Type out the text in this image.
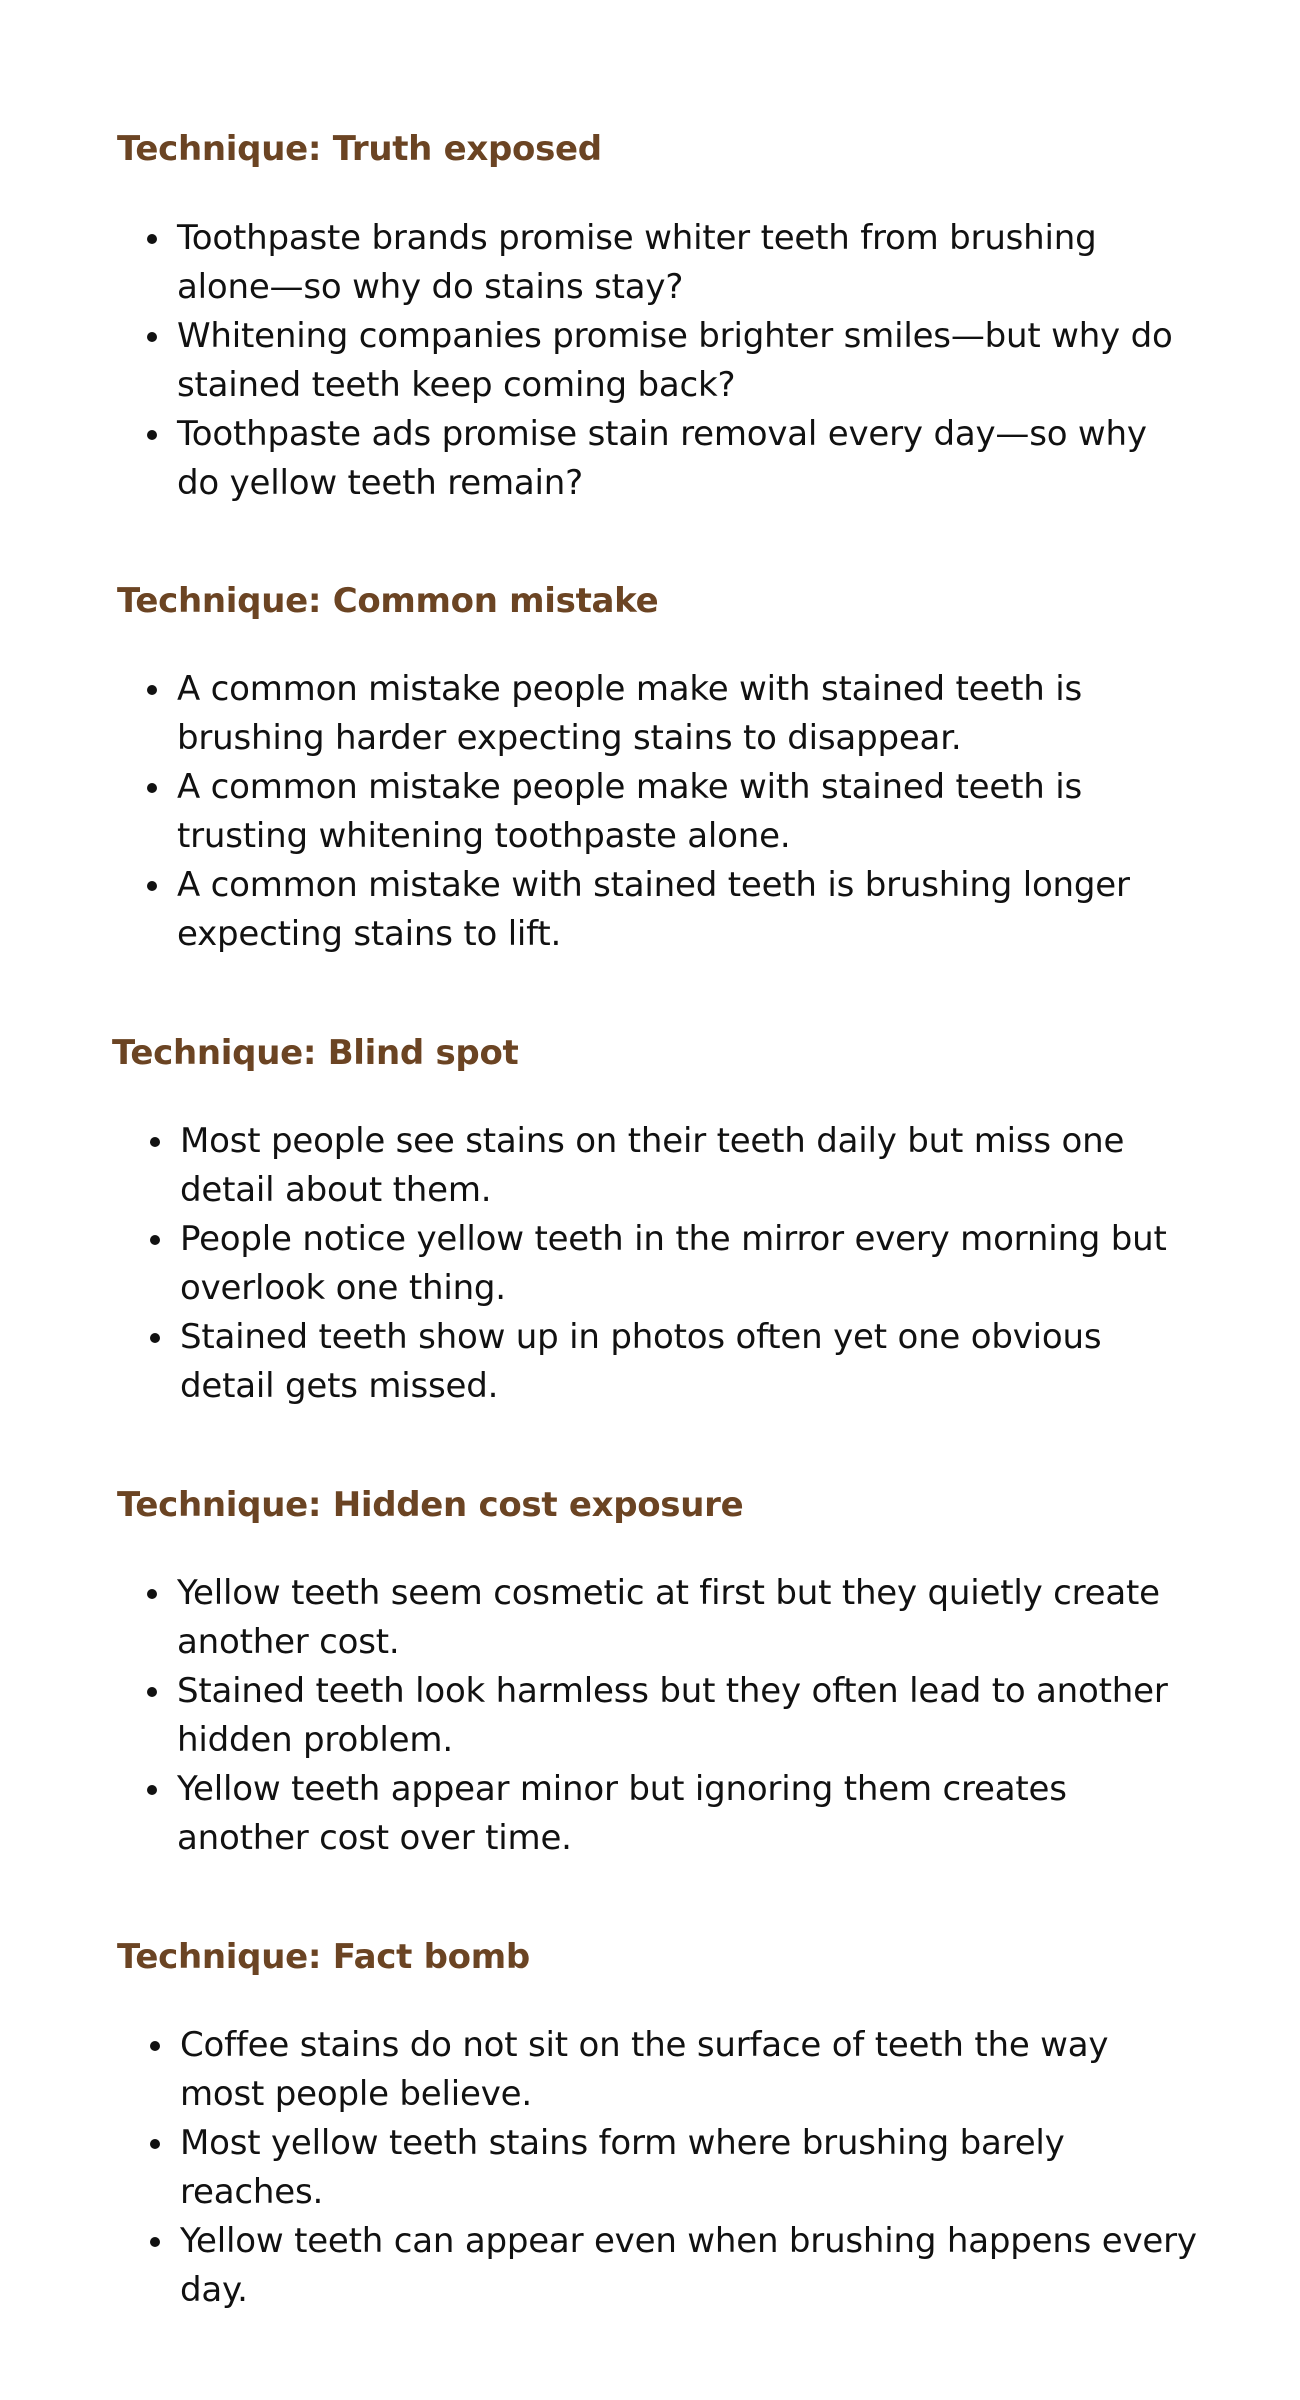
Technique: Truth exposed
Toothpaste brands promise whiter teeth from brushing alone—so why do stains stay?
Whitening companies promise brighter smiles—but why do stained teeth keep coming back?
Toothpaste ads promise stain removal every day—so why do yellow teeth remain?
Technique: Common mistake
A common mistake people make with stained teeth is brushing harder expecting stains to disappear.
A common mistake people make with stained teeth is trusting whitening toothpaste alone.
A common mistake with stained teeth is brushing longer expecting stains to lift.
Technique: Blind spot
Most people see stains on their teeth daily but miss one detail about them.
People notice yellow teeth in the mirror every morning but overlook one thing.
Stained teeth show up in photos often yet one obvious detail gets missed.
Technique: Hidden cost exposure
Yellow teeth seem cosmetic at first but they quietly create another cost.
Stained teeth look harmless but they often lead to another hidden problem.
Yellow teeth appear minor but ignoring them creates another cost over time.
Technique: Fact bomb
Coffee stains do not sit on the surface of teeth the way most people believe.
Most yellow teeth stains form where brushing barely reaches.
Yellow teeth can appear even when brushing happens every day.
